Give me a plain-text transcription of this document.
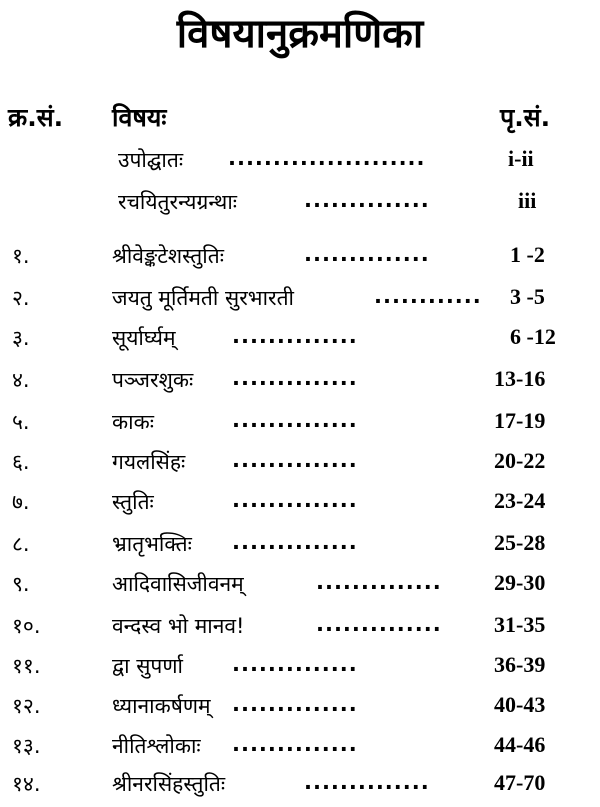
विषयानुक्रमणिका
क्र.सं. विषयः	पृ.सं.
उपोद्घातः ......................	i-ii
रचयितुरन्यग्रन्थाः	..............	iii
१.	श्रीवेङ्कटेशस्तुतिः	..............	1 -2
२.	जयतु मूर्तिमती सुरभारती	............ 3 -5
३.	सूर्यार्घ्यम्	..............	6 -12
४.	पञ्जरशुकः ..............	13-16
५.	काकः	..............	17-19
६.	गयलसिंहः ..............	20-22
७.	स्तुतिः	..............	23-24
८.	भ्रातृभक्तिः ..............	25-28
९.	आदिवासिजीवनम्	.............. 29-30
१०.	वन्दस्व भो मानव!	.............. 31-35
११.	द्वा सुपर्णा ..............	36-39
१२.	ध्यानाकर्षणम् ..............	40-43
१३.	नीतिश्लोकाः ..............	44-46
१४.	श्रीनरसिंहस्तुतिः	..............	47-70
